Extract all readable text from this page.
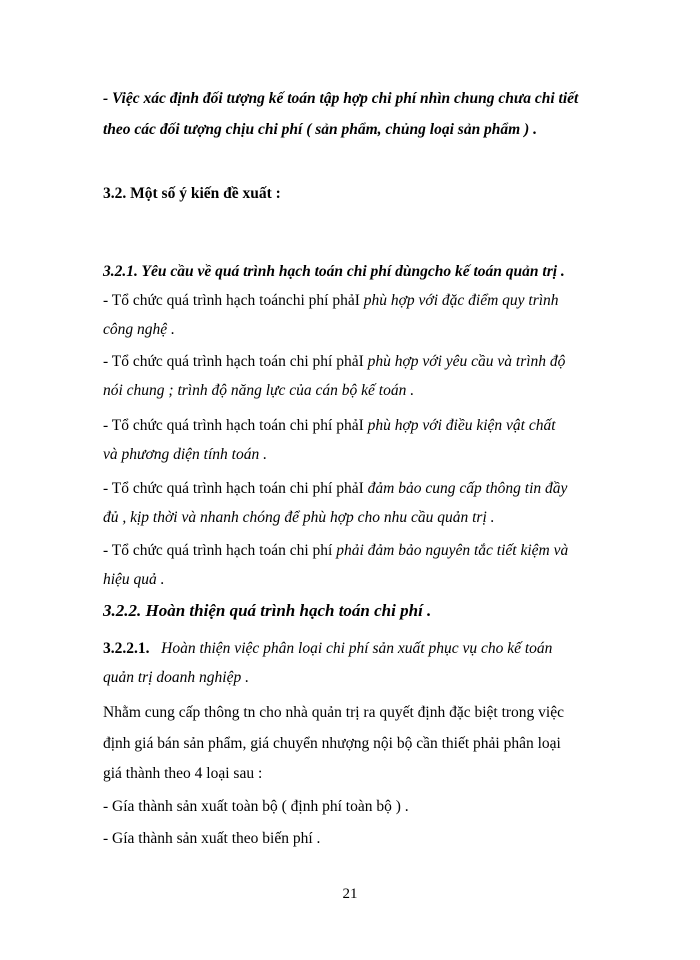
- Việc xác định đối tượng kế toán tập hợp chi phí nhìn chung chưa chi tiết
theo các đối tượng chịu chi phí ( sản phẩm, chủng loại sản phẩm ) .
3.2. Một số ý kiến đề xuất :
3.2.1. Yêu cầu về quá trình hạch toán chi phí dùngcho kế toán quản trị .
- Tổ chức quá trình hạch toánchi phí phảI phù hợp với đặc điểm quy trình
công nghệ .
- Tổ chức quá trình hạch toán chi phí phảI phù hợp với yêu cầu và trình độ
nói chung ; trình độ năng lực của cán bộ kế toán .
- Tổ chức quá trình hạch toán chi phí phảI phù hợp với điều kiện vật chất
và phương diện tính toán .
- Tổ chức quá trình hạch toán chi phí phảI đảm bảo cung cấp thông tin đầy
đủ , kịp thời và nhanh chóng để phù hợp cho nhu cầu quản trị .
- Tổ chức quá trình hạch toán chi phí phải đảm bảo nguyên tắc tiết kiệm và
hiệu quả .
3.2.2. Hoàn thiện quá trình hạch toán chi phí .
3.2.2.1. Hoàn thiện việc phân loại chi phí sản xuất phục vụ cho kế toán
quản trị doanh nghiệp .
Nhằm cung cấp thông tn cho nhà quản trị ra quyết định đặc biệt trong việc
định giá bán sản phẩm, giá chuyển nhượng nội bộ cần thiết phải phân loại
giá thành theo 4 loại sau :
- Gía thành sản xuất toàn bộ ( định phí toàn bộ ) .
- Gía thành sản xuất theo biến phí .
21
